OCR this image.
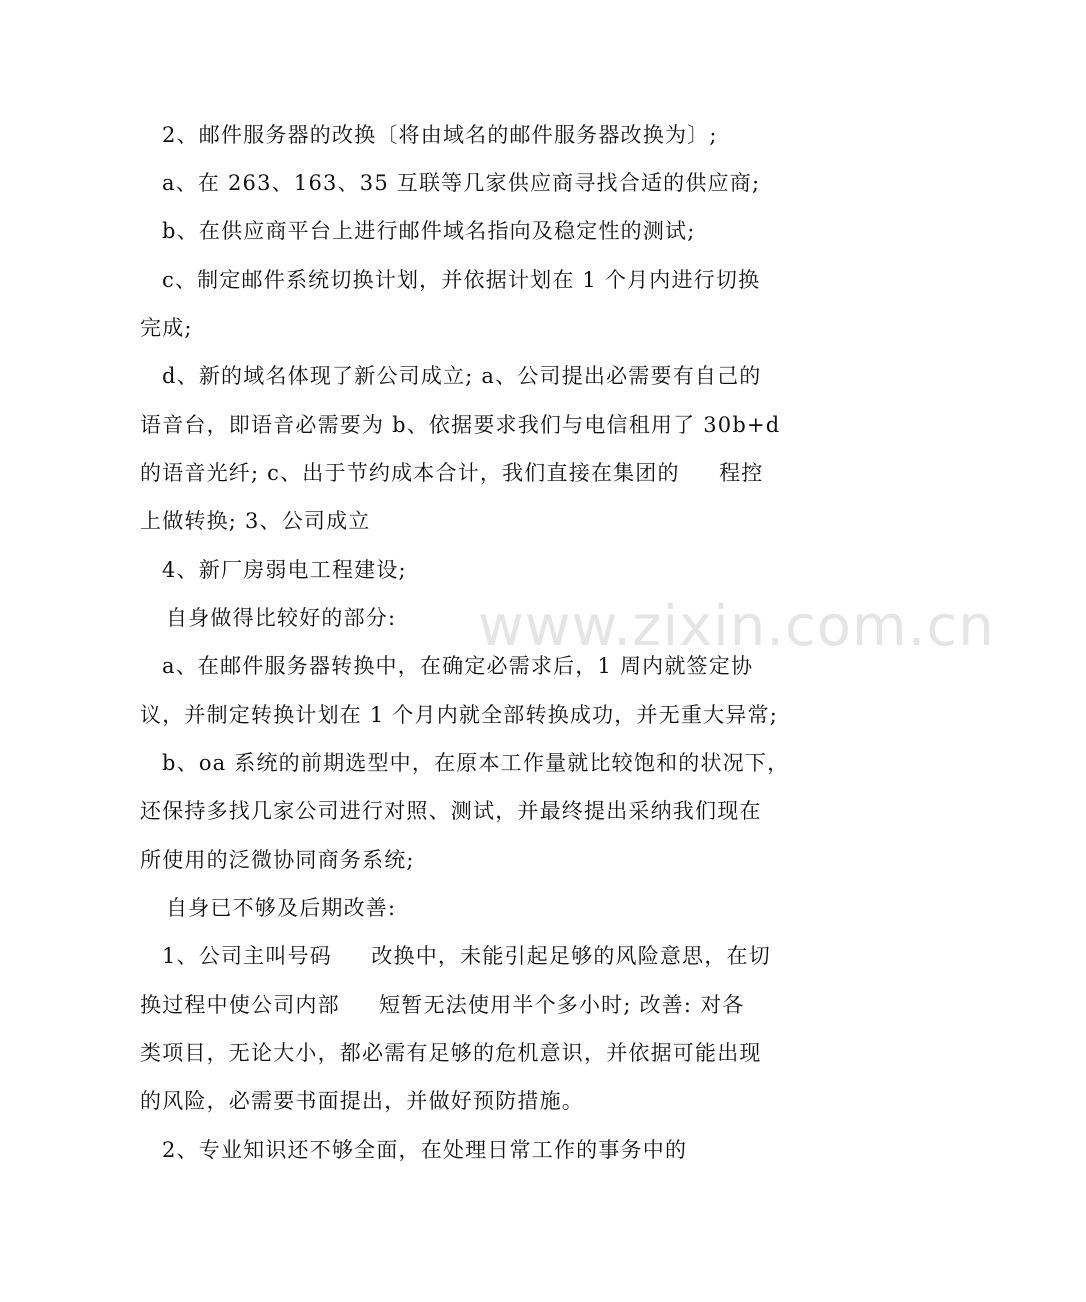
2、邮件服务器的改换〔将由域名的邮件服务器改换为〕;
a、在 263、163、35 互联等几家供应商寻找合适的供应商;
b、在供应商平台上进行邮件域名指向及稳定性的测试;
c、制定邮件系统切换计划，并依据计划在 1 个月内进行切换
完成;
d、新的域名体现了新公司成立; a、公司提出必需要有自己的
语音台，即语音必需要为 b、依据要求我们与电信租用了 30b+d
的语音光纤; c、出于节约成本合计，我们直接在集团的     程控
上做转换; 3、公司成立
4、新厂房弱电工程建设;
自身做得比较好的部分:
a、在邮件服务器转换中，在确定必需求后，1 周内就签定协
议，并制定转换计划在 1 个月内就全部转换成功，并无重大异常;
b、oa 系统的前期选型中，在原本工作量就比较饱和的状况下，
还保持多找几家公司进行对照、测试，并最终提出采纳我们现在
所使用的泛微协同商务系统;
自身已不够及后期改善:
1、公司主叫号码     改换中，未能引起足够的风险意思，在切
换过程中使公司内部     短暂无法使用半个多小时; 改善: 对各
类项目，无论大小，都必需有足够的危机意识，并依据可能出现
的风险，必需要书面提出，并做好预防措施。
2、专业知识还不够全面，在处理日常工作的事务中的
www.zixin.com.cn
